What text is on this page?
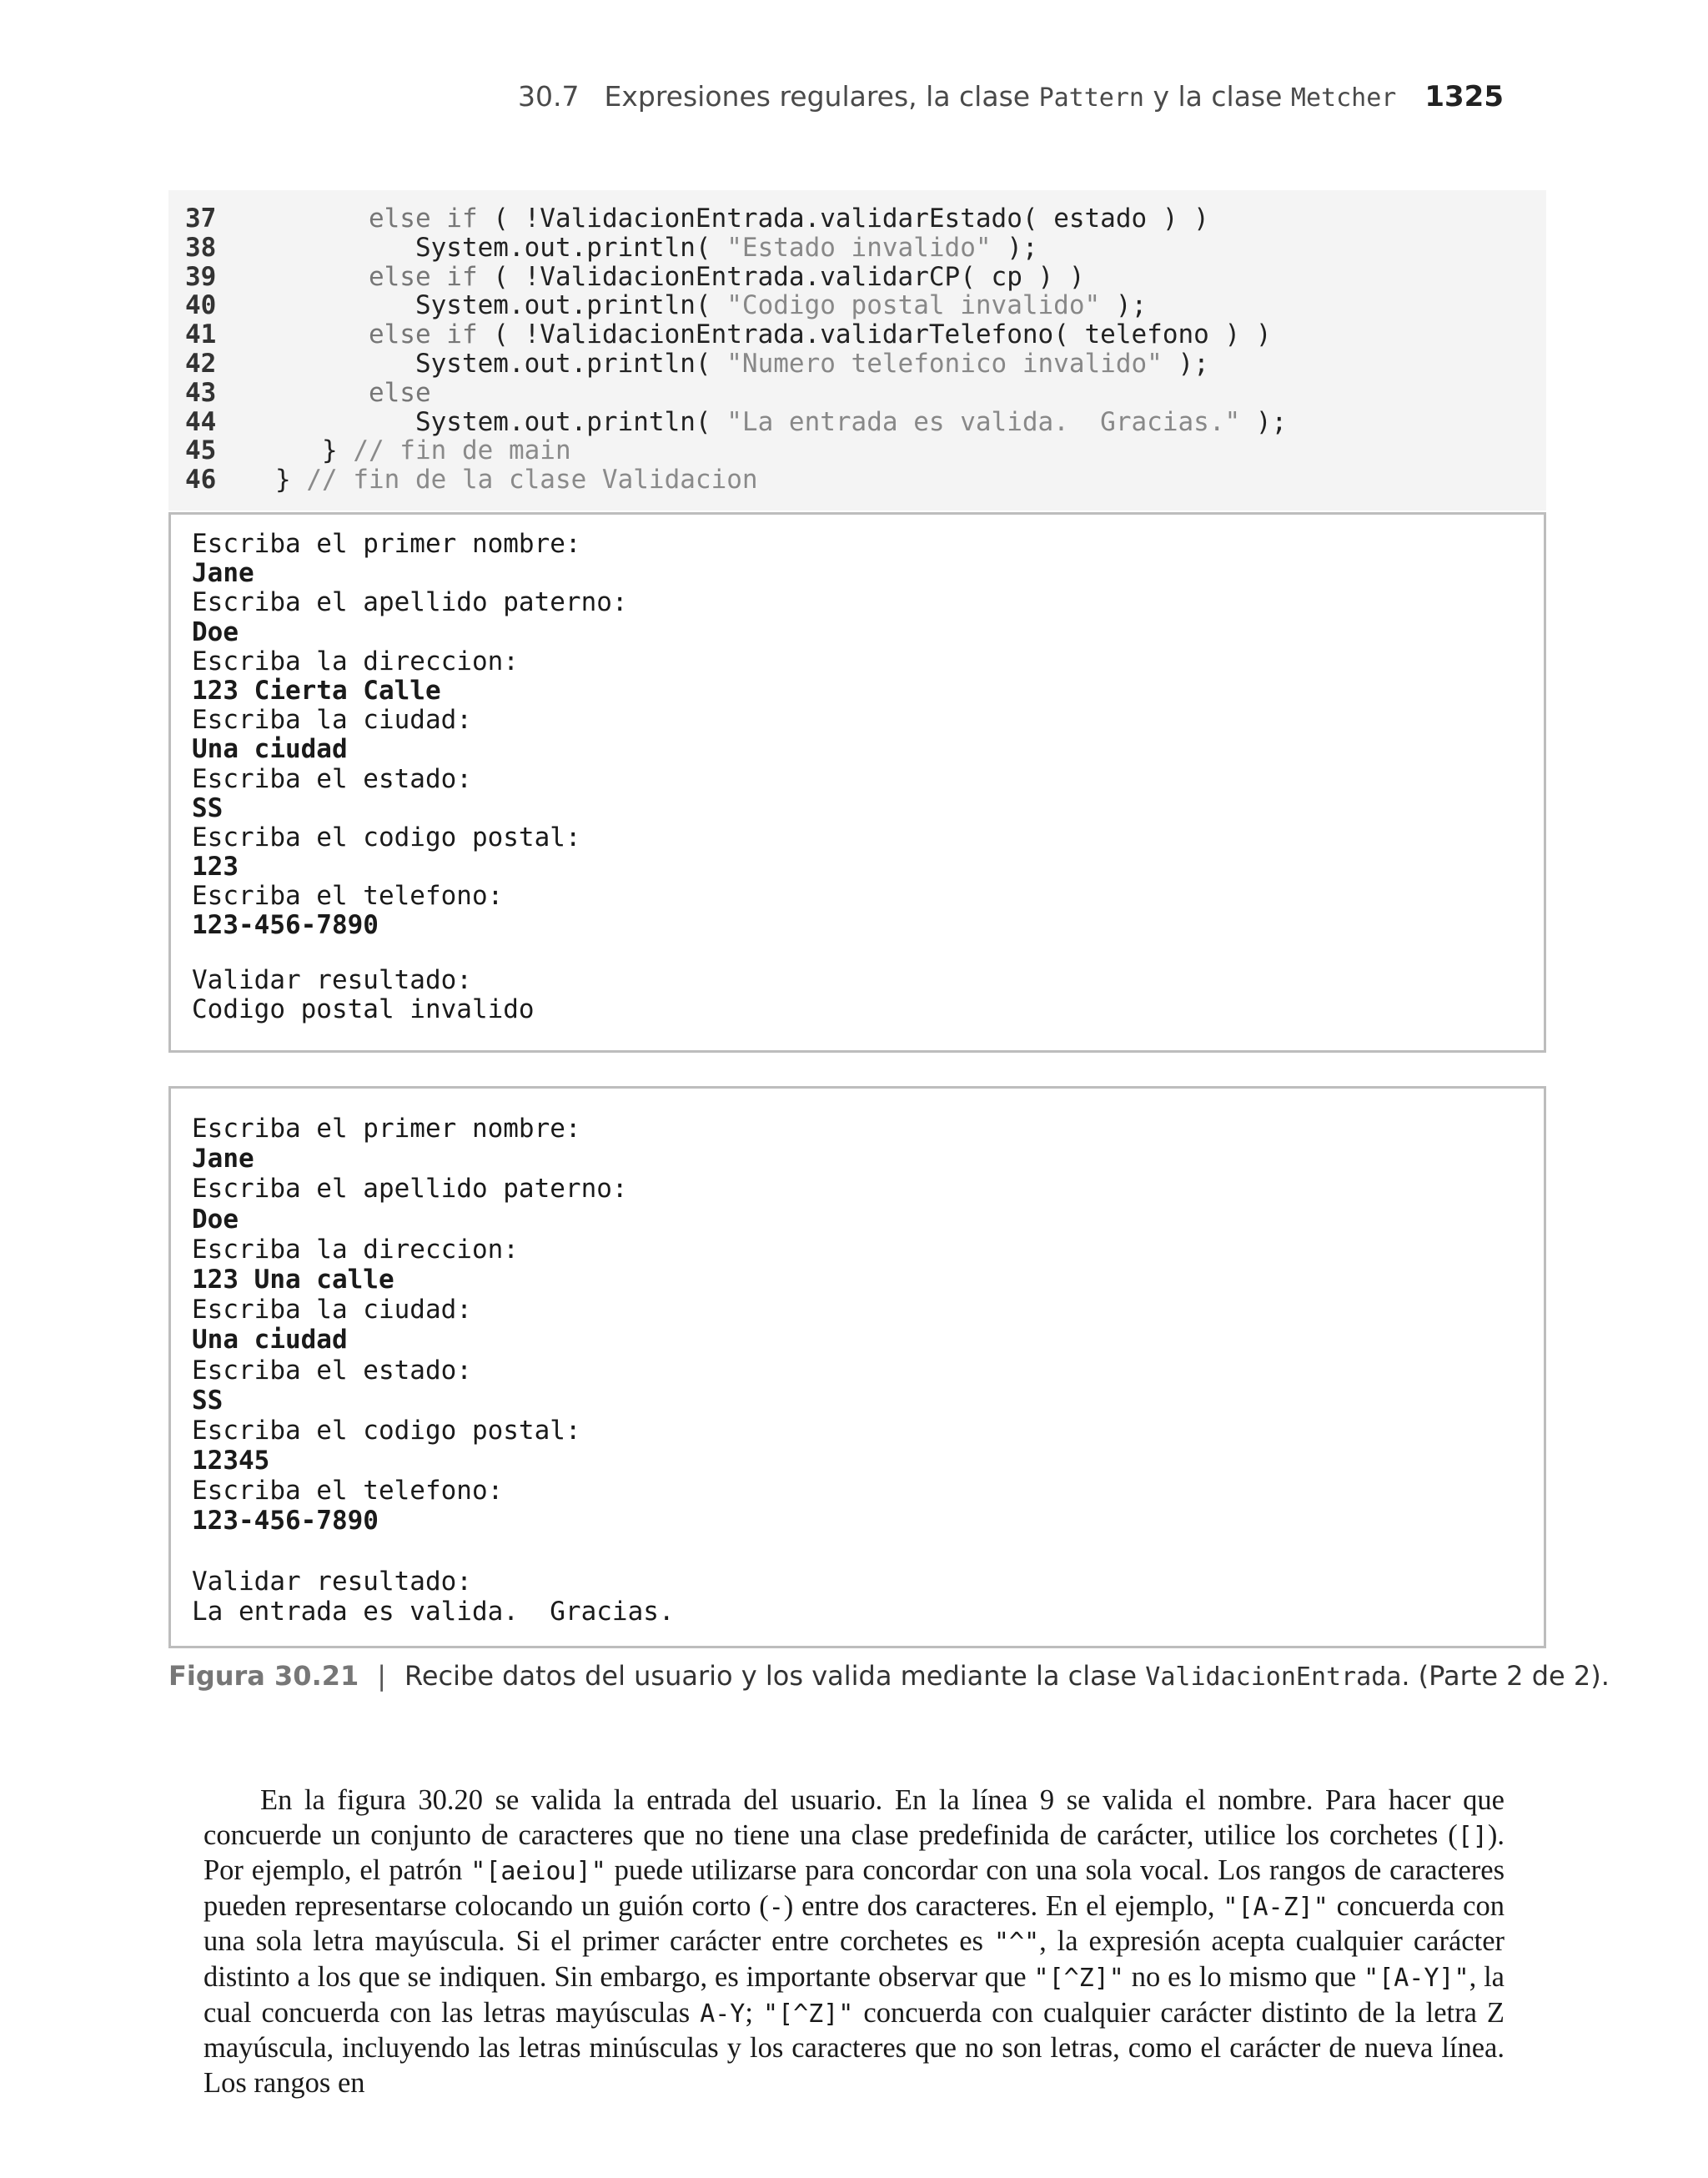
30.7 Expresiones regulares, la clase Pattern y la clase Metcher 1325
37	else if ( !ValidacionEntrada.validarEstado( estado ) )
38	System.out.println( "Estado invalido" );
39	else if ( !ValidacionEntrada.validarCP( cp ) )
40	System.out.println( "Codigo postal invalido" );
41	else if ( !ValidacionEntrada.validarTelefono( telefono ) )
42	System.out.println( "Numero telefonico invalido" );
43	else
44	System.out.println( "La entrada es valida.  Gracias." );
45	} // fin de main
46 } // fin de la clase Validacion
Escriba el primer nombre:
Jane
Escriba el apellido paterno:
Doe
Escriba la direccion:
123 Cierta Calle
Escriba la ciudad:
Una ciudad
Escriba el estado:
SS
Escriba el codigo postal:
123
Escriba el telefono:
123-456-7890
Validar resultado:
Codigo postal invalido
Escriba el primer nombre:
Jane
Escriba el apellido paterno:
Doe
Escriba la direccion:
123 Una calle
Escriba la ciudad:
Una ciudad
Escriba el estado:
SS
Escriba el codigo postal:
12345
Escriba el telefono:
123-456-7890
Validar resultado:
La entrada es valida.  Gracias.
Figura 30.21 | Recibe datos del usuario y los valida mediante la clase ValidacionEntrada. (Parte 2 de 2).
En la figura 30.20 se valida la entrada del usuario. En la línea 9 se valida el nombre. Para hacer que concuerde un conjunto de caracteres que no tiene una clase predefinida de carácter, utilice los corchetes ([]). Por ejemplo, el patrón "[aeiou]" puede utilizarse para concordar con una sola vocal. Los rangos de caracteres pueden representarse colocando un guión corto (-) entre dos caracteres. En el ejemplo, "[A-Z]" concuerda con una sola letra mayúscula. Si el primer carácter entre corchetes es "^", la expresión acepta cualquier carácter distinto a los que se indiquen. Sin embargo, es importante observar que "[^Z]" no es lo mismo que "[A-Y]", la cual concuerda con las letras mayúsculas A-Y; "[^Z]" concuerda con cualquier carácter distinto de la letra Z mayúscula, incluyendo las letras minúsculas y los caracteres que no son letras, como el carácter de nueva línea. Los rangos en
